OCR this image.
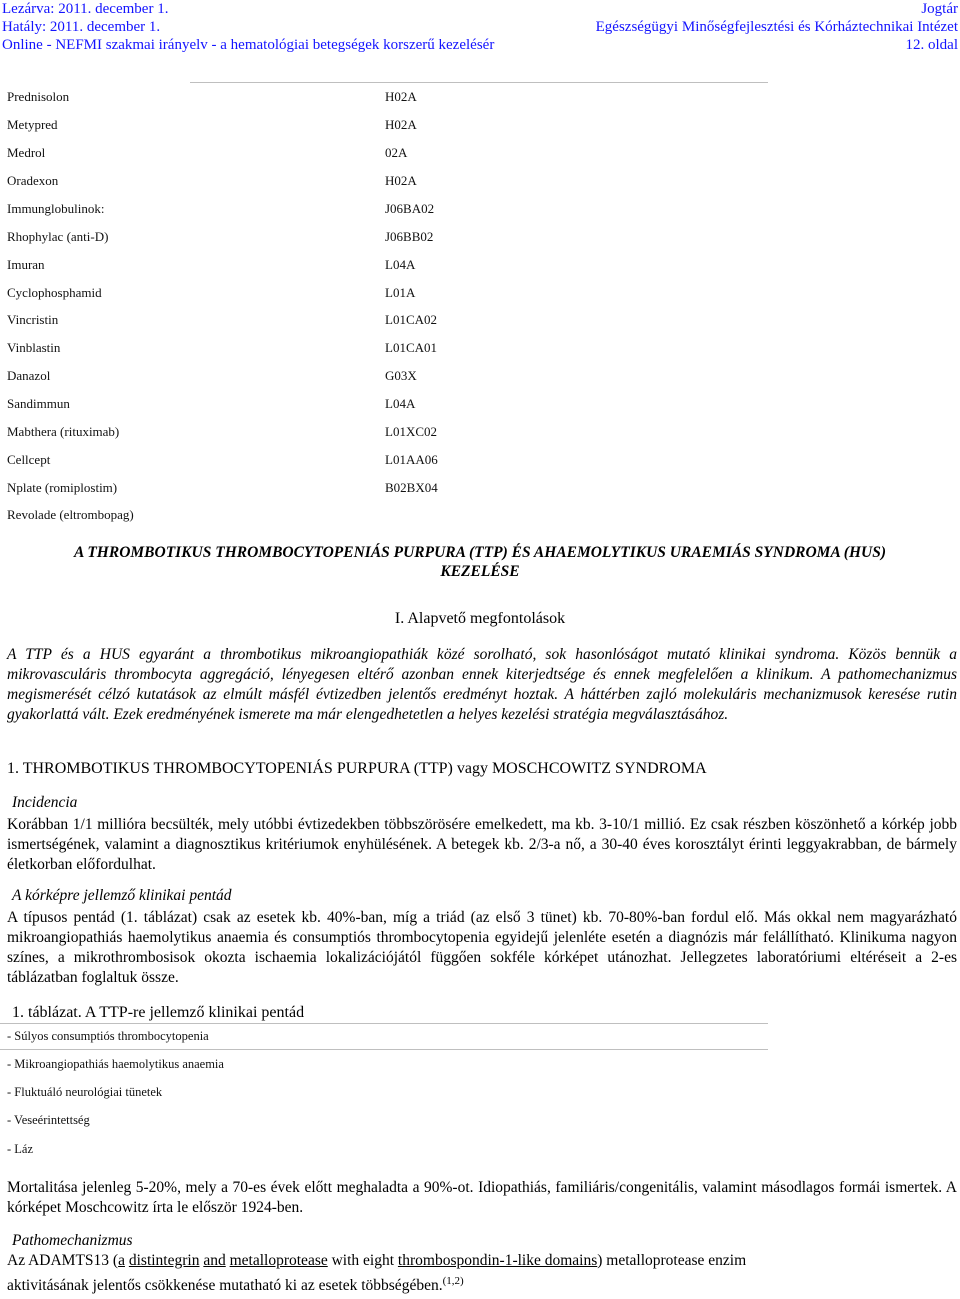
Lezárva: 2011. december 1.	Jogtár
Hatály: 2011. december 1.	Egészségügyi Minőségfejlesztési és Kórháztechnikai Intézet
Online - NEFMI szakmai irányelv - a hematológiai betegségek korszerű kezelésér	12. oldal
Prednisolon	H02A
Metypred	H02A
Medrol	02A
Oradexon	H02A
Immunglobulinok:	J06BA02
Rhophylac (anti-D)	J06BB02
Imuran	L04A
Cyclophosphamid	L01A
Vincristin	L01CA02
Vinblastin	L01CA01
Danazol	G03X
Sandimmun	L04A
Mabthera (rituximab)	L01XC02
Cellcept	L01AA06
Nplate (romiplostim)	B02BX04
Revolade (eltrombopag)
A THROMBOTIKUS THROMBOCYTOPENIÁS PURPURA (TTP) ÉS AHAEMOLYTIKUS URAEMIÁS SYNDROMA (HUS)
KEZELÉSE
I. Alapvető megfontolások
A TTP és a HUS egyaránt a thrombotikus mikroangiopathiák közé sorolható, sok hasonlóságot mutató klinikai syndroma. Közös bennük a mikrovasculáris thrombocyta aggregáció, lényegesen eltérő azonban ennek kiterjedtsége és ennek megfelelően a klinikum. A pathomechanizmus megismerését célzó kutatások az elmúlt másfél évtizedben jelentős eredményt hoztak. A háttérben zajló molekuláris mechanizmusok keresése rutin gyakorlattá vált. Ezek eredményének ismerete ma már elengedhetetlen a helyes kezelési stratégia megválasztásához.
1. THROMBOTIKUS THROMBOCYTOPENIÁS PURPURA (TTP) vagy MOSCHCOWITZ SYNDROMA
Incidencia
Korábban 1/1 millióra becsülték, mely utóbbi évtizedekben többszörösére emelkedett, ma kb. 3-10/1 millió. Ez csak részben köszönhető a kórkép jobb ismertségének, valamint a diagnosztikus kritériumok enyhülésének. A betegek kb. 2/3-a nő, a 30-40 éves korosztályt érinti leggyakrabban, de bármely életkorban előfordulhat.
A kórképre jellemző klinikai pentád
A típusos pentád (1. táblázat) csak az esetek kb. 40%-ban, míg a triád (az első 3 tünet) kb. 70-80%-ban fordul elő. Más okkal nem magyarázható mikroangiopathiás haemolytikus anaemia és consumptiós thrombocytopenia egyidejű jelenléte esetén a diagnózis már felállítható. Klinikuma nagyon színes, a mikrothrombosisok okozta ischaemia lokalizációjától függően sokféle kórképet utánozhat. Jellegzetes laboratóriumi eltéréseit a 2-es táblázatban foglaltuk össze.
1. táblázat. A TTP-re jellemző klinikai pentád
- Súlyos consumptiós thrombocytopenia
- Mikroangiopathiás haemolytikus anaemia
- Fluktuáló neurológiai tünetek
- Veseérintettség
- Láz
Mortalitása jelenleg 5-20%, mely a 70-es évek előtt meghaladta a 90%-ot. Idiopathiás, familiáris/congenitális, valamint másodlagos formái ismertek. A kórképet Moschcowitz írta le először 1924-ben.
Pathomechanizmus
Az ADAMTS13 (a distintegrin and metalloprotease with eight thrombospondin-1-like domains) metalloprotease enzim
aktivitásának jelentős csökkenése mutatható ki az esetek többségében.$^{(1,2)}$
